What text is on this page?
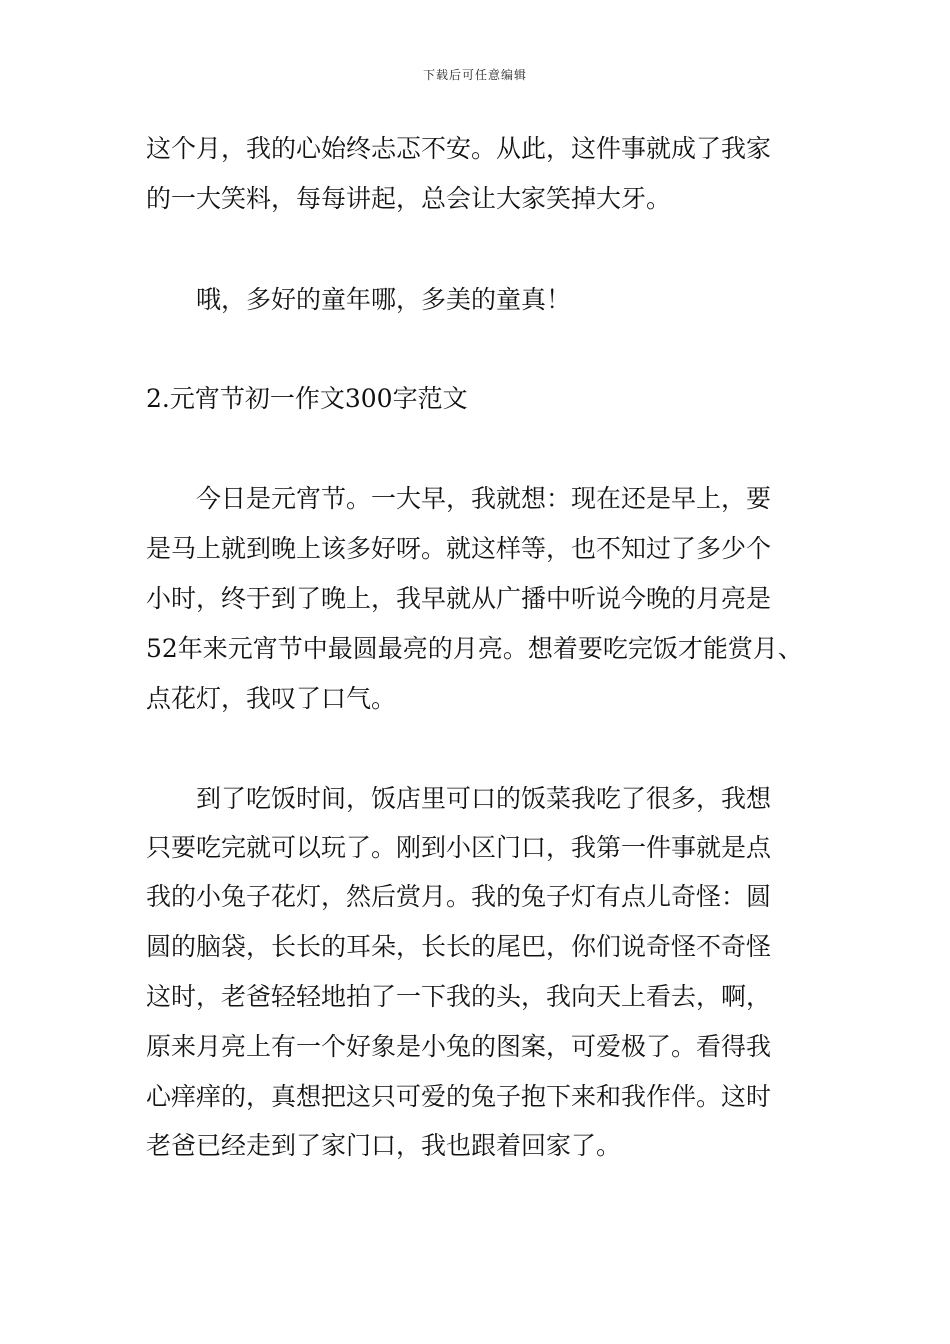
下载后可任意编辑
这个月，我的心始终忐忑不安。从此，这件事就成了我家
的一大笑料，每每讲起，总会让大家笑掉大牙。
哦，多好的童年哪，多美的童真！
2.元宵节初一作文300字范文
今日是元宵节。一大早，我就想：现在还是早上，要
是马上就到晚上该多好呀。就这样等，也不知过了多少个
小时，终于到了晚上，我早就从广播中听说今晚的月亮是
52年来元宵节中最圆最亮的月亮。想着要吃完饭才能赏月、
点花灯，我叹了口气。
到了吃饭时间，饭店里可口的饭菜我吃了很多，我想
只要吃完就可以玩了。刚到小区门口，我第一件事就是点
我的小兔子花灯，然后赏月。我的兔子灯有点儿奇怪：圆
圆的脑袋，长长的耳朵，长长的尾巴，你们说奇怪不奇怪
这时，老爸轻轻地拍了一下我的头，我向天上看去，啊，
原来月亮上有一个好象是小兔的图案，可爱极了。看得我
心痒痒的，真想把这只可爱的兔子抱下来和我作伴。这时
老爸已经走到了家门口，我也跟着回家了。
